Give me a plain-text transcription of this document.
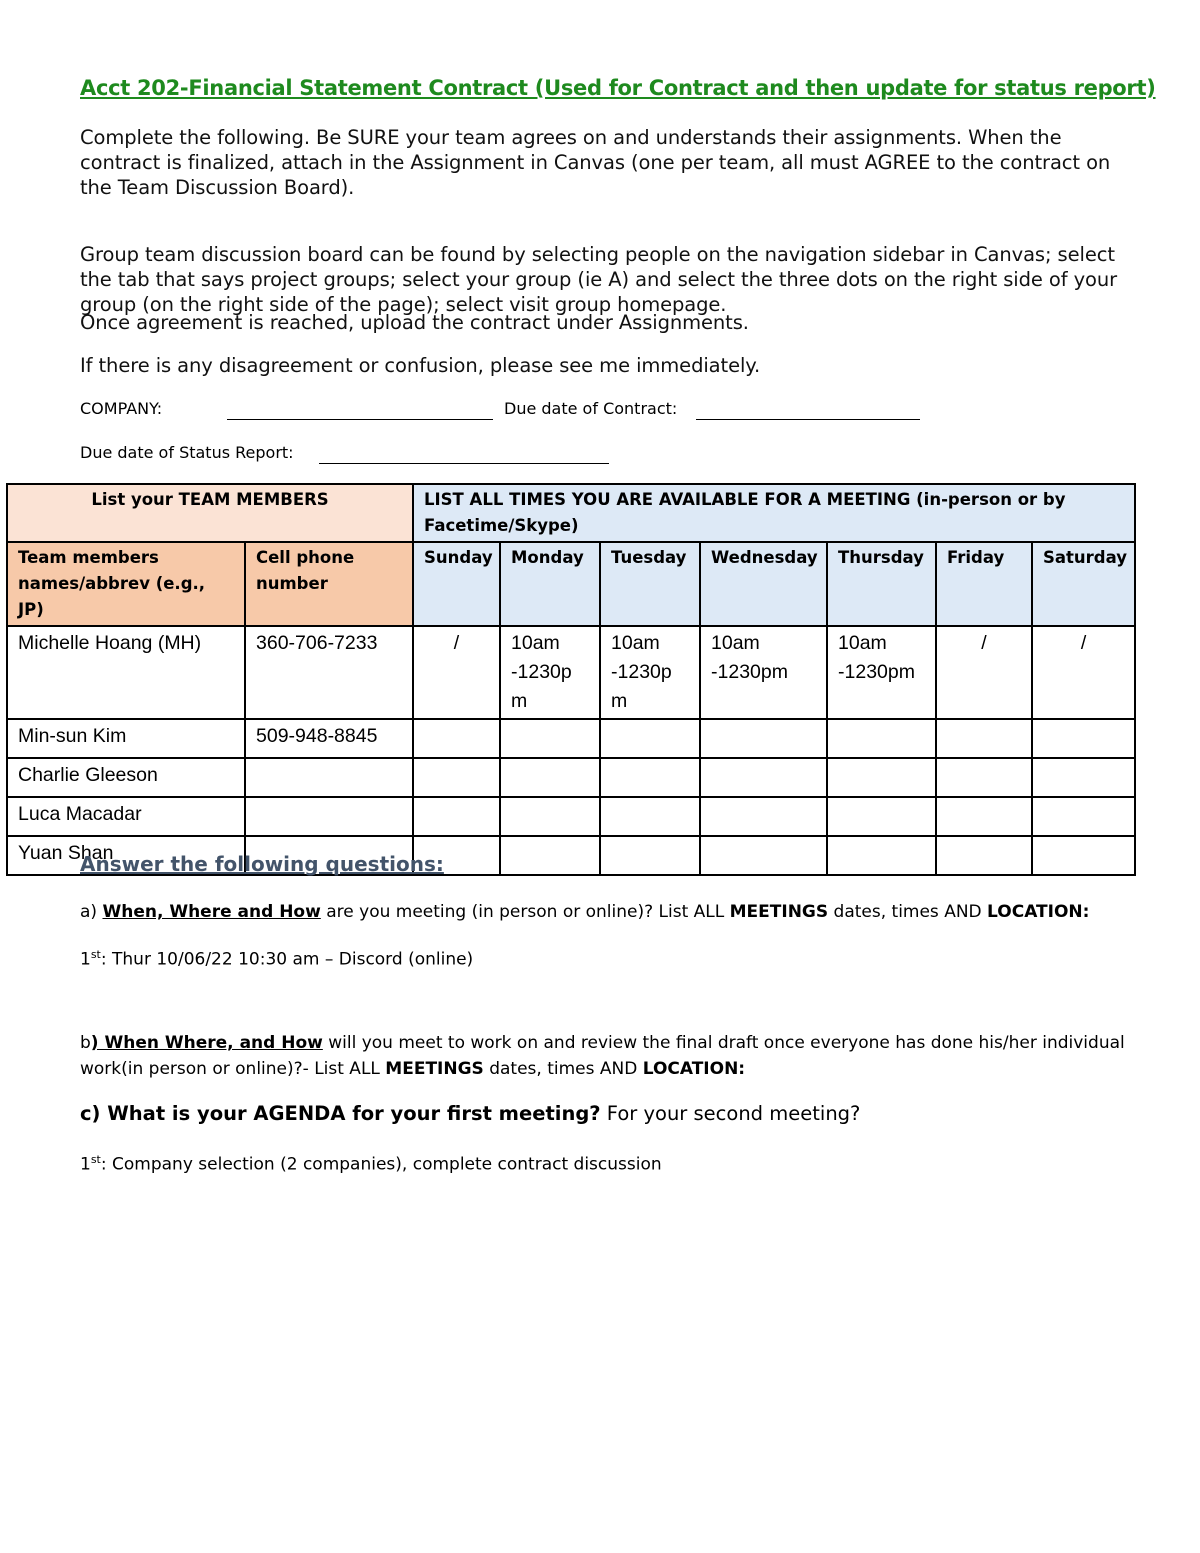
Acct 202-Financial Statement Contract (Used for Contract and then update for status report)
Complete the following. Be SURE your team agrees on and understands their assignments. When the contract is finalized, attach in the Assignment in Canvas (one per team, all must AGREE to the contract on the Team Discussion Board).
Group team discussion board can be found by selecting people on the navigation sidebar in Canvas; select the tab that says project groups; select your group (ie A) and select the three dots on the right side of your group (on the right side of the page); select visit group homepage.
Once agreement is reached, upload the contract under Assignments.
If there is any disagreement or confusion, please see me immediately.
COMPANY:	Due date of Contract:
Due date of Status Report:
List your TEAM MEMBERS		LIST ALL TIMES YOU ARE AVAILABLE FOR A MEETING (in-person or by Facetime/Skype)						
Team members names/abbrev (e.g., JP)	Cell phone number	Sunday	Monday	Tuesday	Wednesday	Thursday	Friday	Saturday
Michelle Hoang (MH)	360-706-7233	/	10am -1230p m	10am -1230p m	10am -1230pm	10am -1230pm	/	/
Min-sun Kim	509-948-8845							
Charlie Gleeson								
Luca Macadar								
Yuan Shan								
Answer the following questions:
a) When, Where and How are you meeting (in person or online)? List ALL MEETINGS dates, times AND LOCATION:
1st: Thur 10/06/22 10:30 am – Discord (online)
b) When Where, and How will you meet to work on and review the final draft once everyone has done his/her individual work(in person or online)?- List ALL MEETINGS dates, times AND LOCATION:
c) What is your AGENDA for your first meeting? For your second meeting?
1st: Company selection (2 companies), complete contract discussion
